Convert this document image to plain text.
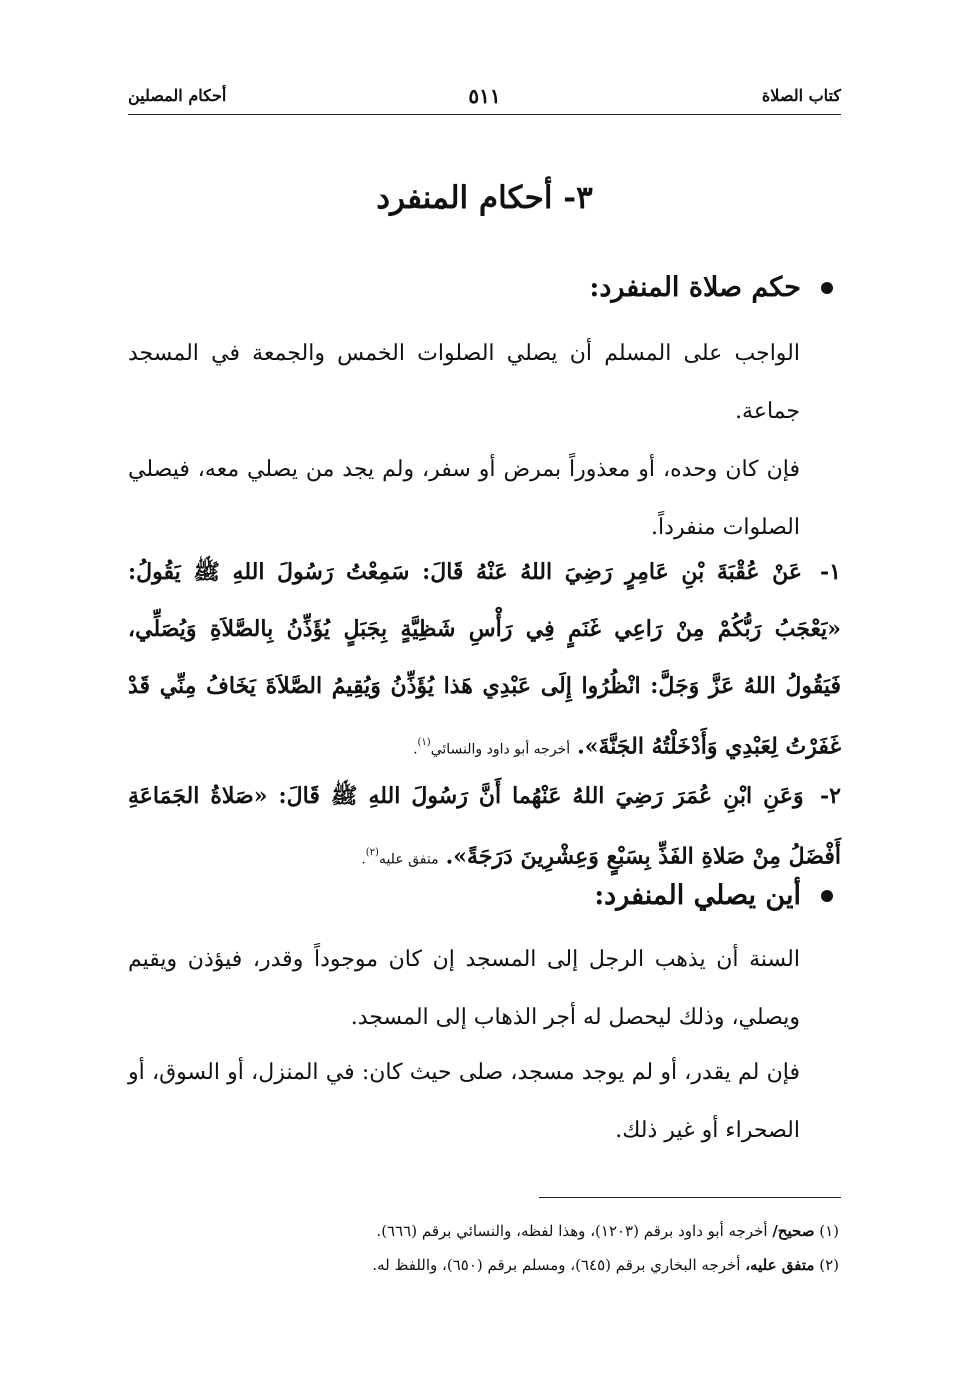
كتاب الصلاة
٥١١
أحكام المصلين
٣- أحكام المنفرد
حكم صلاة المنفرد:
الواجب على المسلم أن يصلي الصلوات الخمس والجمعة في المسجد جماعة.
فإن كان وحده، أو معذوراً بمرض أو سفر، ولم يجد من يصلي معه، فيصلي الصلوات منفرداً.
١- عَنْ عُقْبَةَ بْنِ عَامِرٍ رَضِيَ اللهُ عَنْهُ قَالَ: سَمِعْتُ رَسُولَ اللهِ ﷺ يَقُولُ: «يَعْجَبُ رَبُّكُمْ مِنْ رَاعِي غَنَمٍ فِي رَأْسِ شَظِيَّةٍ بِجَبَلٍ يُؤَذِّنُ بِالصَّلاَةِ وَيُصَلِّي، فَيَقُولُ اللهُ عَزَّ وَجَلَّ: انْظُرُوا إِلَى عَبْدِي هَذا يُؤَذِّنُ وَيُقِيمُ الصَّلاَةَ يَخَافُ مِنِّي قَدْ غَفَرْتُ لِعَبْدِي وَأَدْخَلْتُهُ الجَنَّةَ». أخرجه أبو داود والنسائي$^{(١)}$.
٢- وَعَنِ ابْنِ عُمَرَ رَضِيَ اللهُ عَنْهُما أَنَّ رَسُولَ اللهِ ﷺ قَالَ: «صَلاةُ الجَمَاعَةِ أَفْضَلُ مِنْ صَلاةِ الفَذِّ بِسَبْعٍ وَعِشْرِينَ دَرَجَةً». متفق عليه$^{(٢)}$.
أين يصلي المنفرد:
السنة أن يذهب الرجل إلى المسجد إن كان موجوداً وقدر، فيؤذن ويقيم ويصلي، وذلك ليحصل له أجر الذهاب إلى المسجد.
فإن لم يقدر، أو لم يوجد مسجد، صلى حيث كان: في المنزل، أو السوق، أو الصحراء أو غير ذلك.
(١) صحيح/ أخرجه أبو داود برقم (١٢٠٣)، وهذا لفظه، والنسائي برقم (٦٦٦).
(٢) متفق عليه، أخرجه البخاري برقم (٦٤٥)، ومسلم برقم (٦٥٠)، واللفظ له.
